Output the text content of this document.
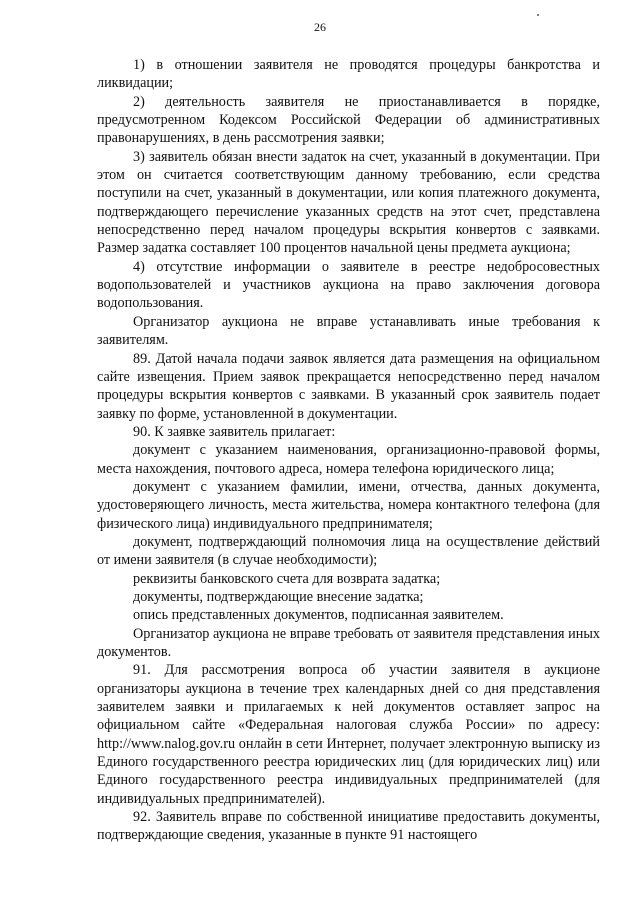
26

1) в отношении заявителя не проводятся процедуры банкротства и ликвидации;

2) деятельность заявителя не приостанавливается в порядке, предусмотренном Кодексом Российской Федерации об административных правонарушениях, в день рассмотрения заявки;

3) заявитель обязан внести задаток на счет, указанный в документации. При этом он считается соответствующим данному требованию, если средства поступили на счет, указанный в документации, или копия платежного документа, подтверждающего перечисление указанных средств на этот счет, представлена непосредственно перед началом процедуры вскрытия конвертов с заявками. Размер задатка составляет 100 процентов начальной цены предмета аукциона;

4) отсутствие информации о заявителе в реестре недобросовестных водопользователей и участников аукциона на право заключения договора водопользования.

Организатор аукциона не вправе устанавливать иные требования к заявителям.

89. Датой начала подачи заявок является дата размещения на официальном сайте извещения. Прием заявок прекращается непосредственно перед началом процедуры вскрытия конвертов с заявками. В указанный срок заявитель подает заявку по форме, установленной в документации.

90. К заявке заявитель прилагает:

документ с указанием наименования, организационно-правовой формы, места нахождения, почтового адреса, номера телефона юридического лица;

документ с указанием фамилии, имени, отчества, данных документа, удостоверяющего личность, места жительства, номера контактного телефона (для физического лица) индивидуального предпринимателя;

документ, подтверждающий полномочия лица на осуществление действий от имени заявителя (в случае необходимости);

реквизиты банковского счета для возврата задатка;

документы, подтверждающие внесение задатка;

опись представленных документов, подписанная заявителем.

Организатор аукциона не вправе требовать от заявителя представления иных документов.

91. Для рассмотрения вопроса об участии заявителя в аукционе организаторы аукциона в течение трех календарных дней со дня представления заявителем заявки и прилагаемых к ней документов оставляет запрос на официальном сайте «Федеральная налоговая служба России» по адресу: http://www.nalog.gov.ru онлайн в сети Интернет, получает электронную выписку из Единого государственного реестра юридических лиц (для юридических лиц) или Единого государственного реестра индивидуальных предпринимателей (для индивидуальных предпринимателей).

92. Заявитель вправе по собственной инициативе предоставить документы, подтверждающие сведения, указанные в пункте 91 настоящего
